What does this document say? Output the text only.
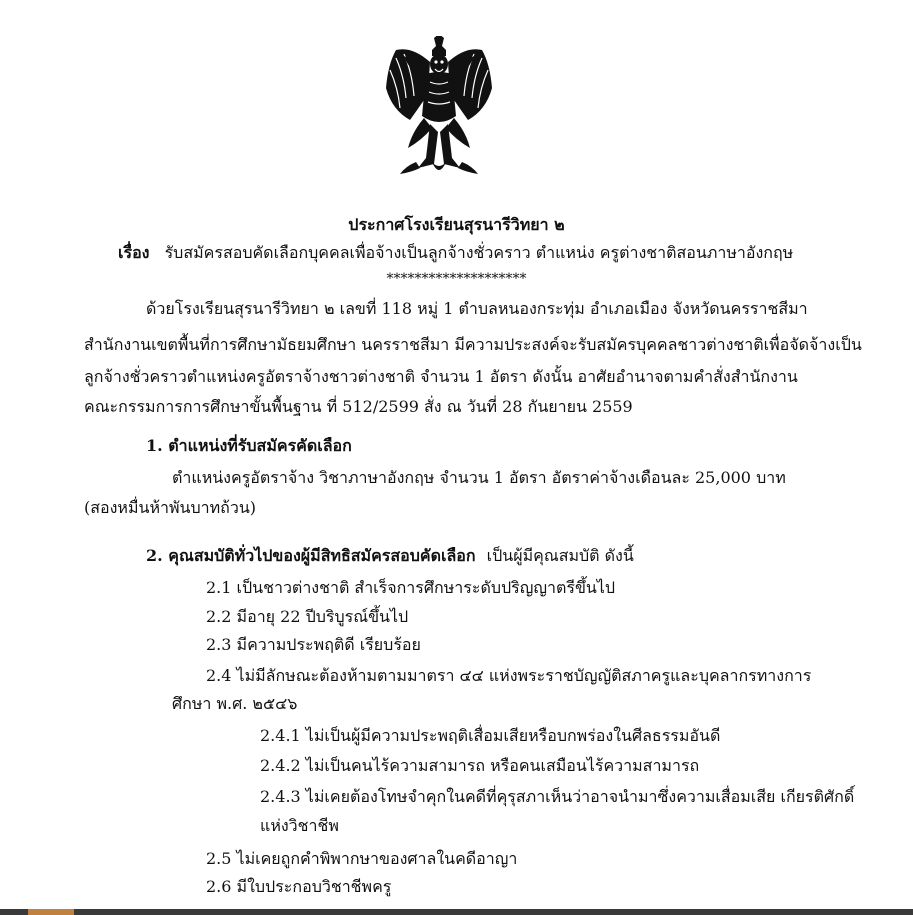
ประกาศโรงเรียนสุรนารีวิทยา ๒
เรื่อง รับสมัครสอบคัดเลือกบุคคลเพื่อจ้างเป็นลูกจ้างชั่วคราว ตำแหน่ง ครูต่างชาติสอนภาษาอังกฤษ
********************
ด้วยโรงเรียนสุรนารีวิทยา ๒ เลขที่ 118 หมู่ 1 ตำบลหนองกระทุ่ม อำเภอเมือง จังหวัดนครราชสีมา
สำนักงานเขตพื้นที่การศึกษามัธยมศึกษา นครราชสีมา มีความประสงค์จะรับสมัครบุคคลชาวต่างชาติเพื่อจัดจ้างเป็น
ลูกจ้างชั่วคราวตำแหน่งครูอัตราจ้างชาวต่างชาติ จำนวน 1 อัตรา ดังนั้น อาศัยอำนาจตามคำสั่งสำนักงาน
คณะกรรมการการศึกษาขั้นพื้นฐาน ที่ 512/2599 สั่ง ณ วันที่ 28 กันยายน 2559
1. ตำแหน่งที่รับสมัครคัดเลือก
ตำแหน่งครูอัตราจ้าง วิชาภาษาอังกฤษ จำนวน 1 อัตรา อัตราค่าจ้างเดือนละ 25,000 บาท
(สองหมื่นห้าพันบาทถ้วน)
2. คุณสมบัติทั่วไปของผู้มีสิทธิสมัครสอบคัดเลือก เป็นผู้มีคุณสมบัติ ดังนี้
2.1 เป็นชาวต่างชาติ สำเร็จการศึกษาระดับปริญญาตรีขึ้นไป
2.2 มีอายุ 22 ปีบริบูรณ์ขึ้นไป
2.3 มีความประพฤติดี เรียบร้อย
2.4 ไม่มีลักษณะต้องห้ามตามมาตรา ๔๔ แห่งพระราชบัญญัติสภาครูและบุคลากรทางการ
ศึกษา พ.ศ. ๒๕๔๖
2.4.1 ไม่เป็นผู้มีความประพฤติเสื่อมเสียหรือบกพร่องในศีลธรรมอันดี
2.4.2 ไม่เป็นคนไร้ความสามารถ หรือคนเสมือนไร้ความสามารถ
2.4.3 ไม่เคยต้องโทษจำคุกในคดีที่คุรุสภาเห็นว่าอาจนำมาซึ่งความเสื่อมเสีย เกียรติศักดิ์
แห่งวิชาชีพ
2.5 ไม่เคยถูกคำพิพากษาของศาลในคดีอาญา
2.6 มีใบประกอบวิชาชีพครู
